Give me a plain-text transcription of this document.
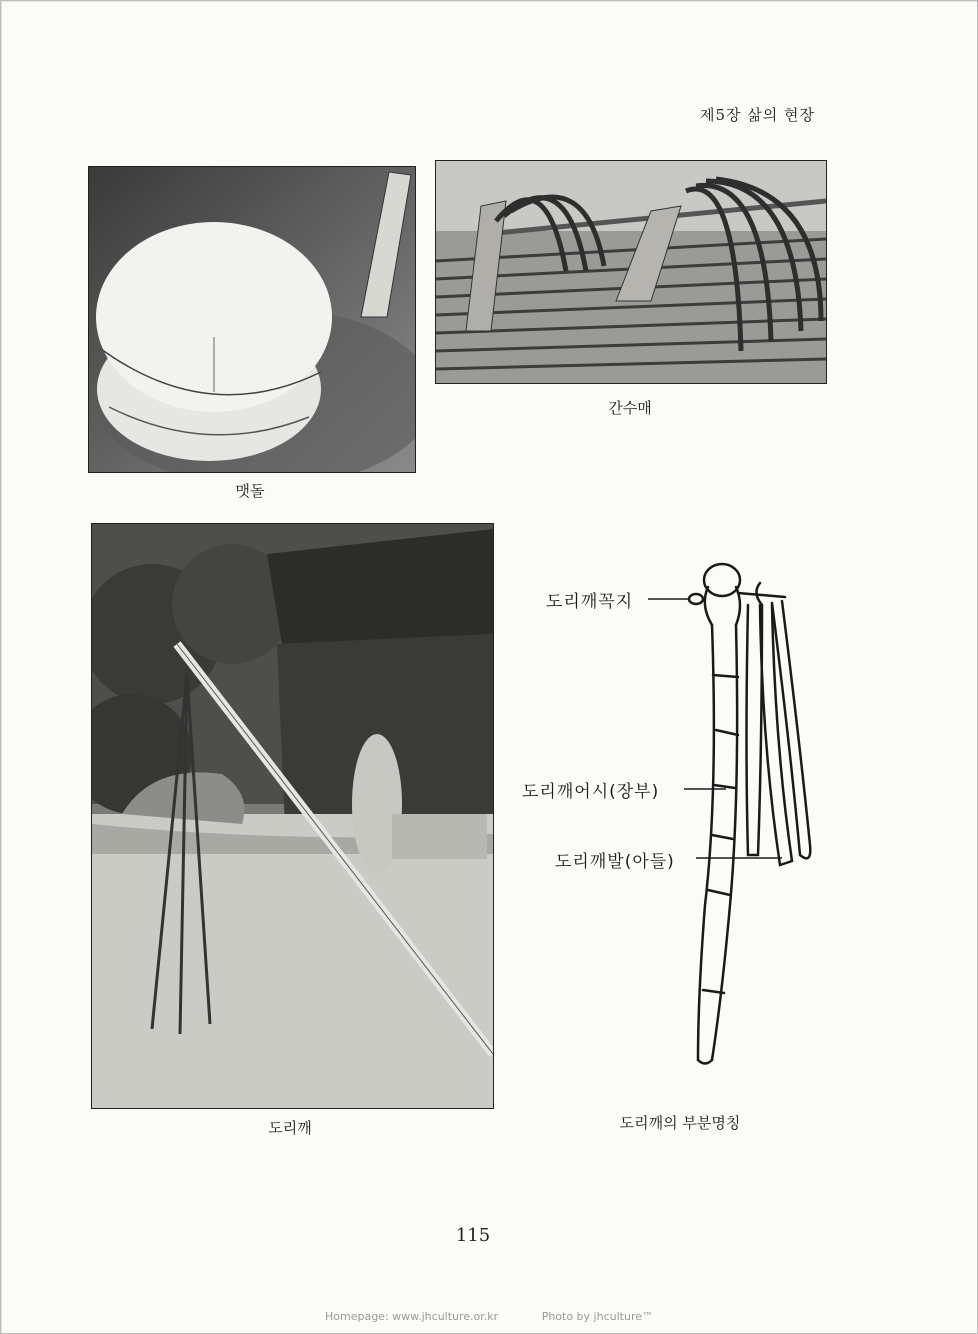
제5장 삶의 현장
맷돌
간수매
도리깨
도리깨꼭지
도리깨어시(장부)
도리깨발(아들)
도리깨의 부분명칭
115
Homepage: www.jhculture.or.kr	Photo by jhculture™
